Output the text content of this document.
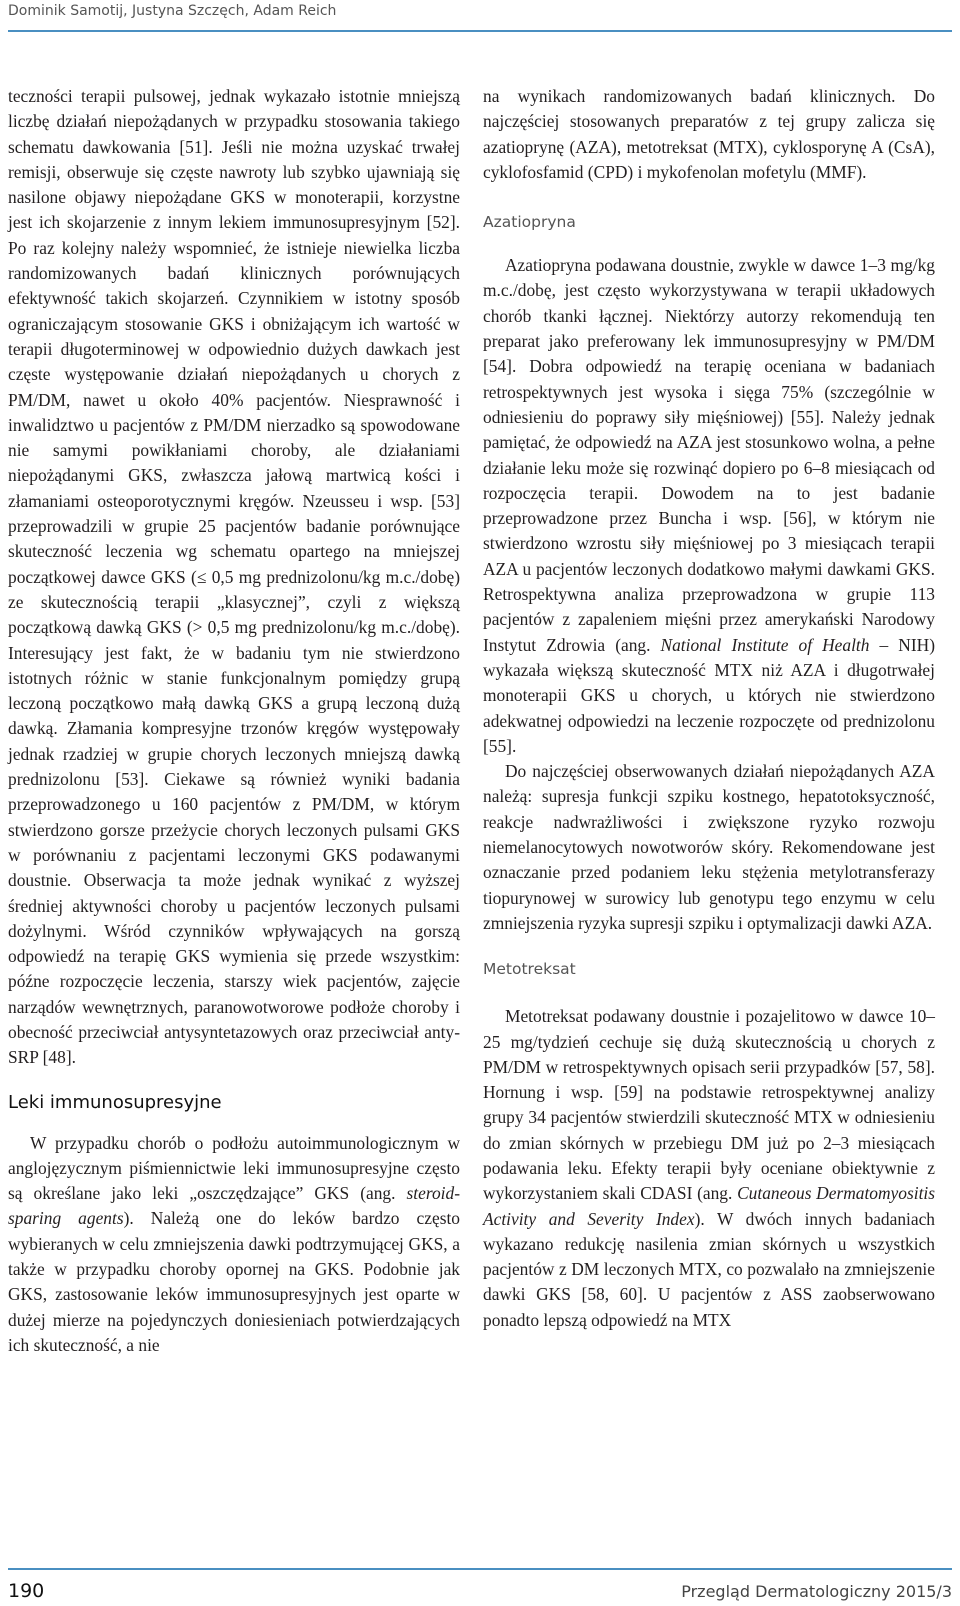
Dominik Samotij, Justyna Szczęch, Adam Reich

teczności terapii pulsowej, jednak wykazało istotnie mniejszą liczbę działań niepożądanych w przypadku stosowania takiego schematu dawkowania [51]. Jeśli nie można uzyskać trwałej remisji, obserwuje się częste nawroty lub szybko ujawniają się nasilone objawy niepożądane GKS w monoterapii, korzystne jest ich skojarzenie z innym lekiem immunosupresyjnym [52]. Po raz kolejny należy wspomnieć, że istnieje niewielka liczba randomizowanych badań klinicznych porównujących efektywność takich skojarzeń. Czynnikiem w istotny sposób ograniczającym stosowanie GKS i obniżającym ich wartość w terapii długoterminowej w odpowiednio dużych dawkach jest częste występowanie działań niepożądanych u chorych z PM/DM, nawet u około 40% pacjentów. Niesprawność i inwalidztwo u pacjentów z PM/DM nierzadko są spowodowane nie samymi powikłaniami choroby, ale działaniami niepożądanymi GKS, zwłaszcza jałową martwicą kości i złamaniami osteoporotycznymi kręgów. Nzeusseu i wsp. [53] przeprowadzili w grupie 25 pacjentów badanie porównujące skuteczność leczenia wg schematu opartego na mniejszej początkowej dawce GKS (≤ 0,5 mg prednizolonu/kg m.c./dobę) ze skutecznością terapii „klasycznej”, czyli z większą początkową dawką GKS (> 0,5 mg prednizolonu/kg m.c./dobę). Interesujący jest fakt, że w badaniu tym nie stwierdzono istotnych różnic w stanie funkcjonalnym pomiędzy grupą leczoną początkowo małą dawką GKS a grupą leczoną dużą dawką. Złamania kompresyjne trzonów kręgów występowały jednak rzadziej w grupie chorych leczonych mniejszą dawką prednizolonu [53]. Ciekawe są również wyniki badania przeprowadzonego u 160 pacjentów z PM/DM, w którym stwierdzono gorsze przeżycie chorych leczonych pulsami GKS w porównaniu z pacjentami leczonymi GKS podawanymi doustnie. Obserwacja ta może jednak wynikać z wyższej średniej aktywności choroby u pacjentów leczonych pulsami dożylnymi. Wśród czynników wpływających na gorszą odpowiedź na terapię GKS wymienia się przede wszystkim: późne rozpoczęcie leczenia, starszy wiek pacjentów, zajęcie narządów wewnętrznych, paranowotworowe podłoże choroby i obecność przeciwciał antysyntetazowych oraz przeciwciał anty-SRP [48].

Leki immunosupresyjne

W przypadku chorób o podłożu autoimmunologicznym w anglojęzycznym piśmiennictwie leki immunosupresyjne często są określane jako leki „oszczędzające” GKS (ang. steroid-sparing agents). Należą one do leków bardzo często wybieranych w celu zmniejszenia dawki podtrzymującej GKS, a także w przypadku choroby opornej na GKS. Podobnie jak GKS, zastosowanie leków immunosupresyjnych jest oparte w dużej mierze na pojedynczych doniesieniach potwierdzających ich skuteczność, a nie

na wynikach randomizowanych badań klinicznych. Do najczęściej stosowanych preparatów z tej grupy zalicza się azatioprynę (AZA), metotreksat (MTX), cyklosporynę A (CsA), cyklofosfamid (CPD) i mykofenolan mofetylu (MMF).

Azatiopryna

Azatiopryna podawana doustnie, zwykle w dawce 1–3 mg/kg m.c./dobę, jest często wykorzystywana w terapii układowych chorób tkanki łącznej. Niektórzy autorzy rekomendują ten preparat jako preferowany lek immunosupresyjny w PM/DM [54]. Dobra odpowiedź na terapię oceniana w badaniach retrospektywnych jest wysoka i sięga 75% (szczególnie w odniesieniu do poprawy siły mięśniowej) [55]. Należy jednak pamiętać, że odpowiedź na AZA jest stosunkowo wolna, a pełne działanie leku może się rozwinąć dopiero po 6–8 miesiącach od rozpoczęcia terapii. Dowodem na to jest badanie przeprowadzone przez Buncha i wsp. [56], w którym nie stwierdzono wzrostu siły mięśniowej po 3 miesiącach terapii AZA u pacjentów leczonych dodatkowo małymi dawkami GKS. Retrospektywna analiza przeprowadzona w grupie 113 pacjentów z zapaleniem mięśni przez amerykański Narodowy Instytut Zdrowia (ang. National Institute of Health – NIH) wykazała większą skuteczność MTX niż AZA i długotrwałej monoterapii GKS u chorych, u których nie stwierdzono adekwatnej odpowiedzi na leczenie rozpoczęte od prednizolonu [55].

Do najczęściej obserwowanych działań niepożądanych AZA należą: supresja funkcji szpiku kostnego, hepatotoksyczność, reakcje nadwrażliwości i zwiększone ryzyko rozwoju niemelanocytowych nowotworów skóry. Rekomendowane jest oznaczanie przed podaniem leku stężenia metylotransferazy tiopurynowej w surowicy lub genotypu tego enzymu w celu zmniejszenia ryzyka supresji szpiku i optymalizacji dawki AZA.

Metotreksat

Metotreksat podawany doustnie i pozajelitowo w dawce 10–25 mg/tydzień cechuje się dużą skutecznością u chorych z PM/DM w retrospektywnych opisach serii przypadków [57, 58]. Hornung i wsp. [59] na podstawie retrospektywnej analizy grupy 34 pacjentów stwierdzili skuteczność MTX w odniesieniu do zmian skórnych w przebiegu DM już po 2–3 miesiącach podawania leku. Efekty terapii były oceniane obiektywnie z wykorzystaniem skali CDASI (ang. Cutaneous Dermatomyositis Activity and Severity Index). W dwóch innych badaniach wykazano redukcję nasilenia zmian skórnych u wszystkich pacjentów z DM leczonych MTX, co pozwalało na zmniejszenie dawki GKS [58, 60]. U pacjentów z ASS zaobserwowano ponadto lepszą odpowiedź na MTX

190	Przegląd Dermatologiczny 2015/3
